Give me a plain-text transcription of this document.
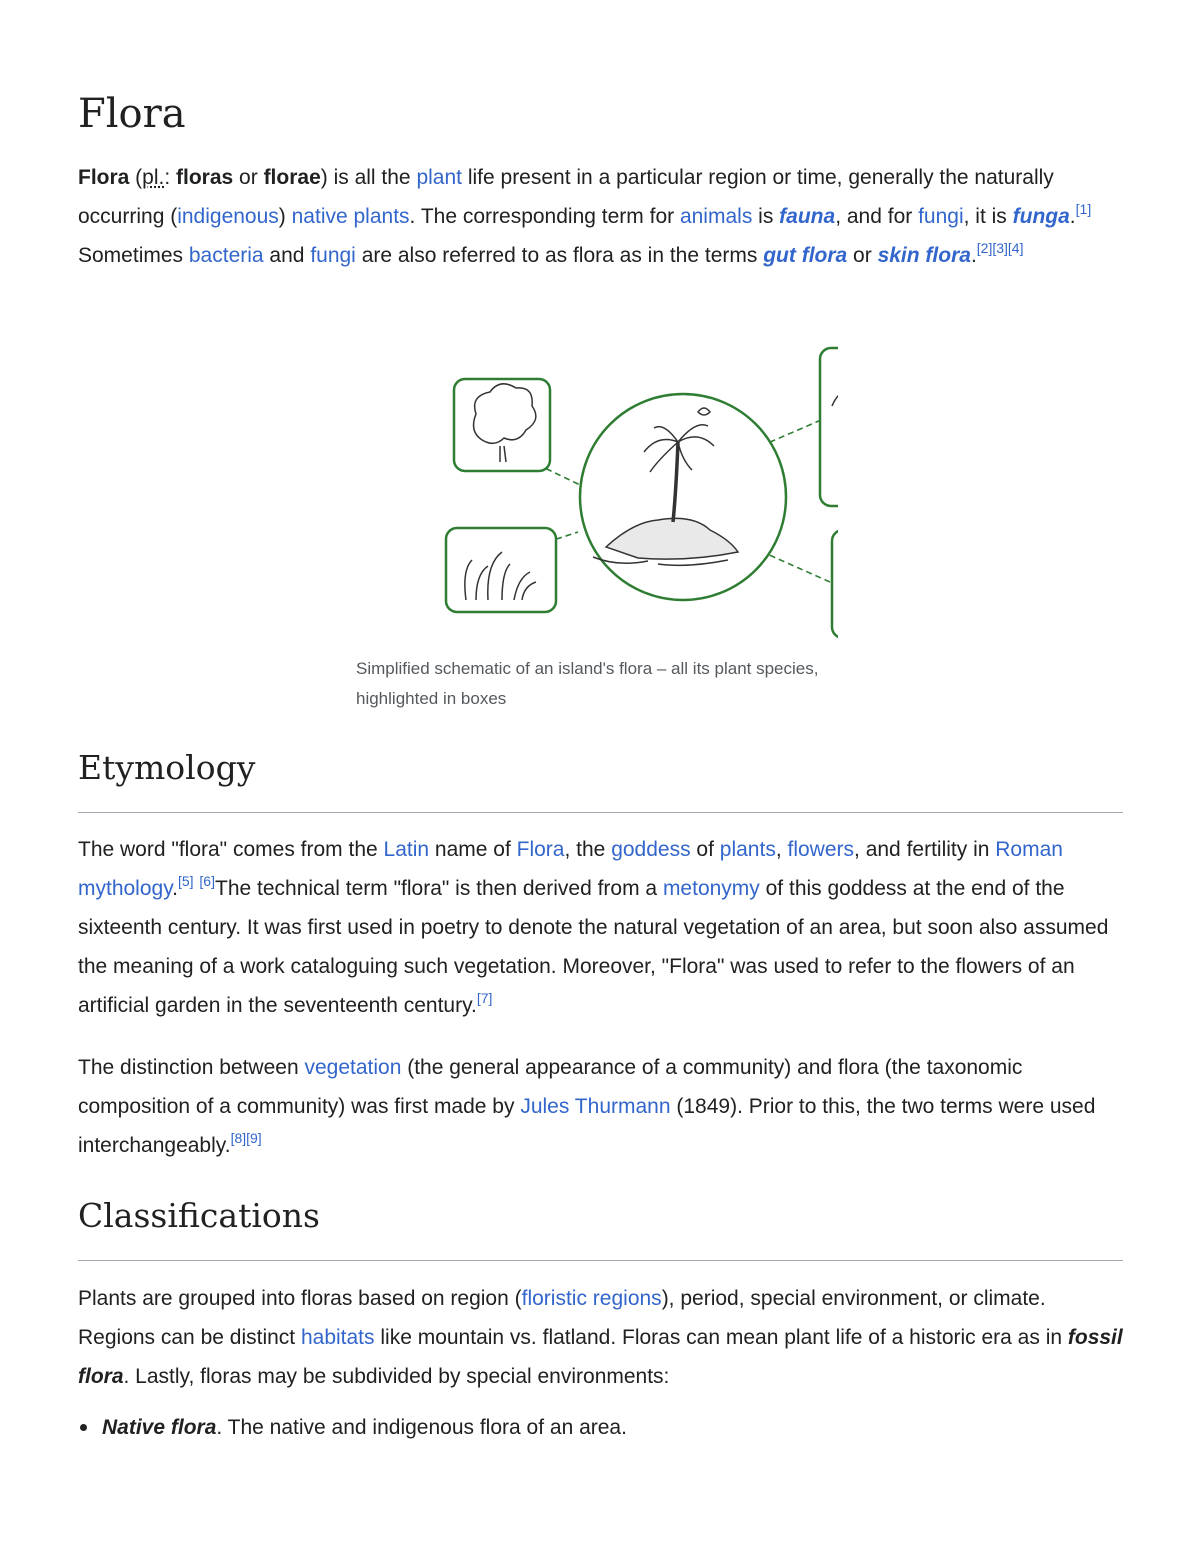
Flora

Flora (pl.: floras or florae) is all the plant life present in a particular region or time, generally the naturally occurring (indigenous) native plants. The corresponding term for animals is fauna, and for fungi, it is funga.[1] Sometimes bacteria and fungi are also referred to as flora as in the terms gut flora or skin flora.[2][3][4]

Simplified schematic of an island's flora – all its plant species, highlighted in boxes
Etymology

The word "flora" comes from the Latin name of Flora, the goddess of plants, flowers, and fertility in Roman mythology.[5] [6]The technical term "flora" is then derived from a metonymy of this goddess at the end of the sixteenth century. It was first used in poetry to denote the natural vegetation of an area, but soon also assumed the meaning of a work cataloguing such vegetation. Moreover, "Flora" was used to refer to the flowers of an artificial garden in the seventeenth century.[7]

The distinction between vegetation (the general appearance of a community) and flora (the taxonomic composition of a community) was first made by Jules Thurmann (1849). Prior to this, the two terms were used interchangeably.[8][9]

Classifications

Plants are grouped into floras based on region (floristic regions), period, special environment, or climate. Regions can be distinct habitats like mountain vs. flatland. Floras can mean plant life of a historic era as in fossil flora. Lastly, floras may be subdivided by special environments:

Native flora. The native and indigenous flora of an area.
